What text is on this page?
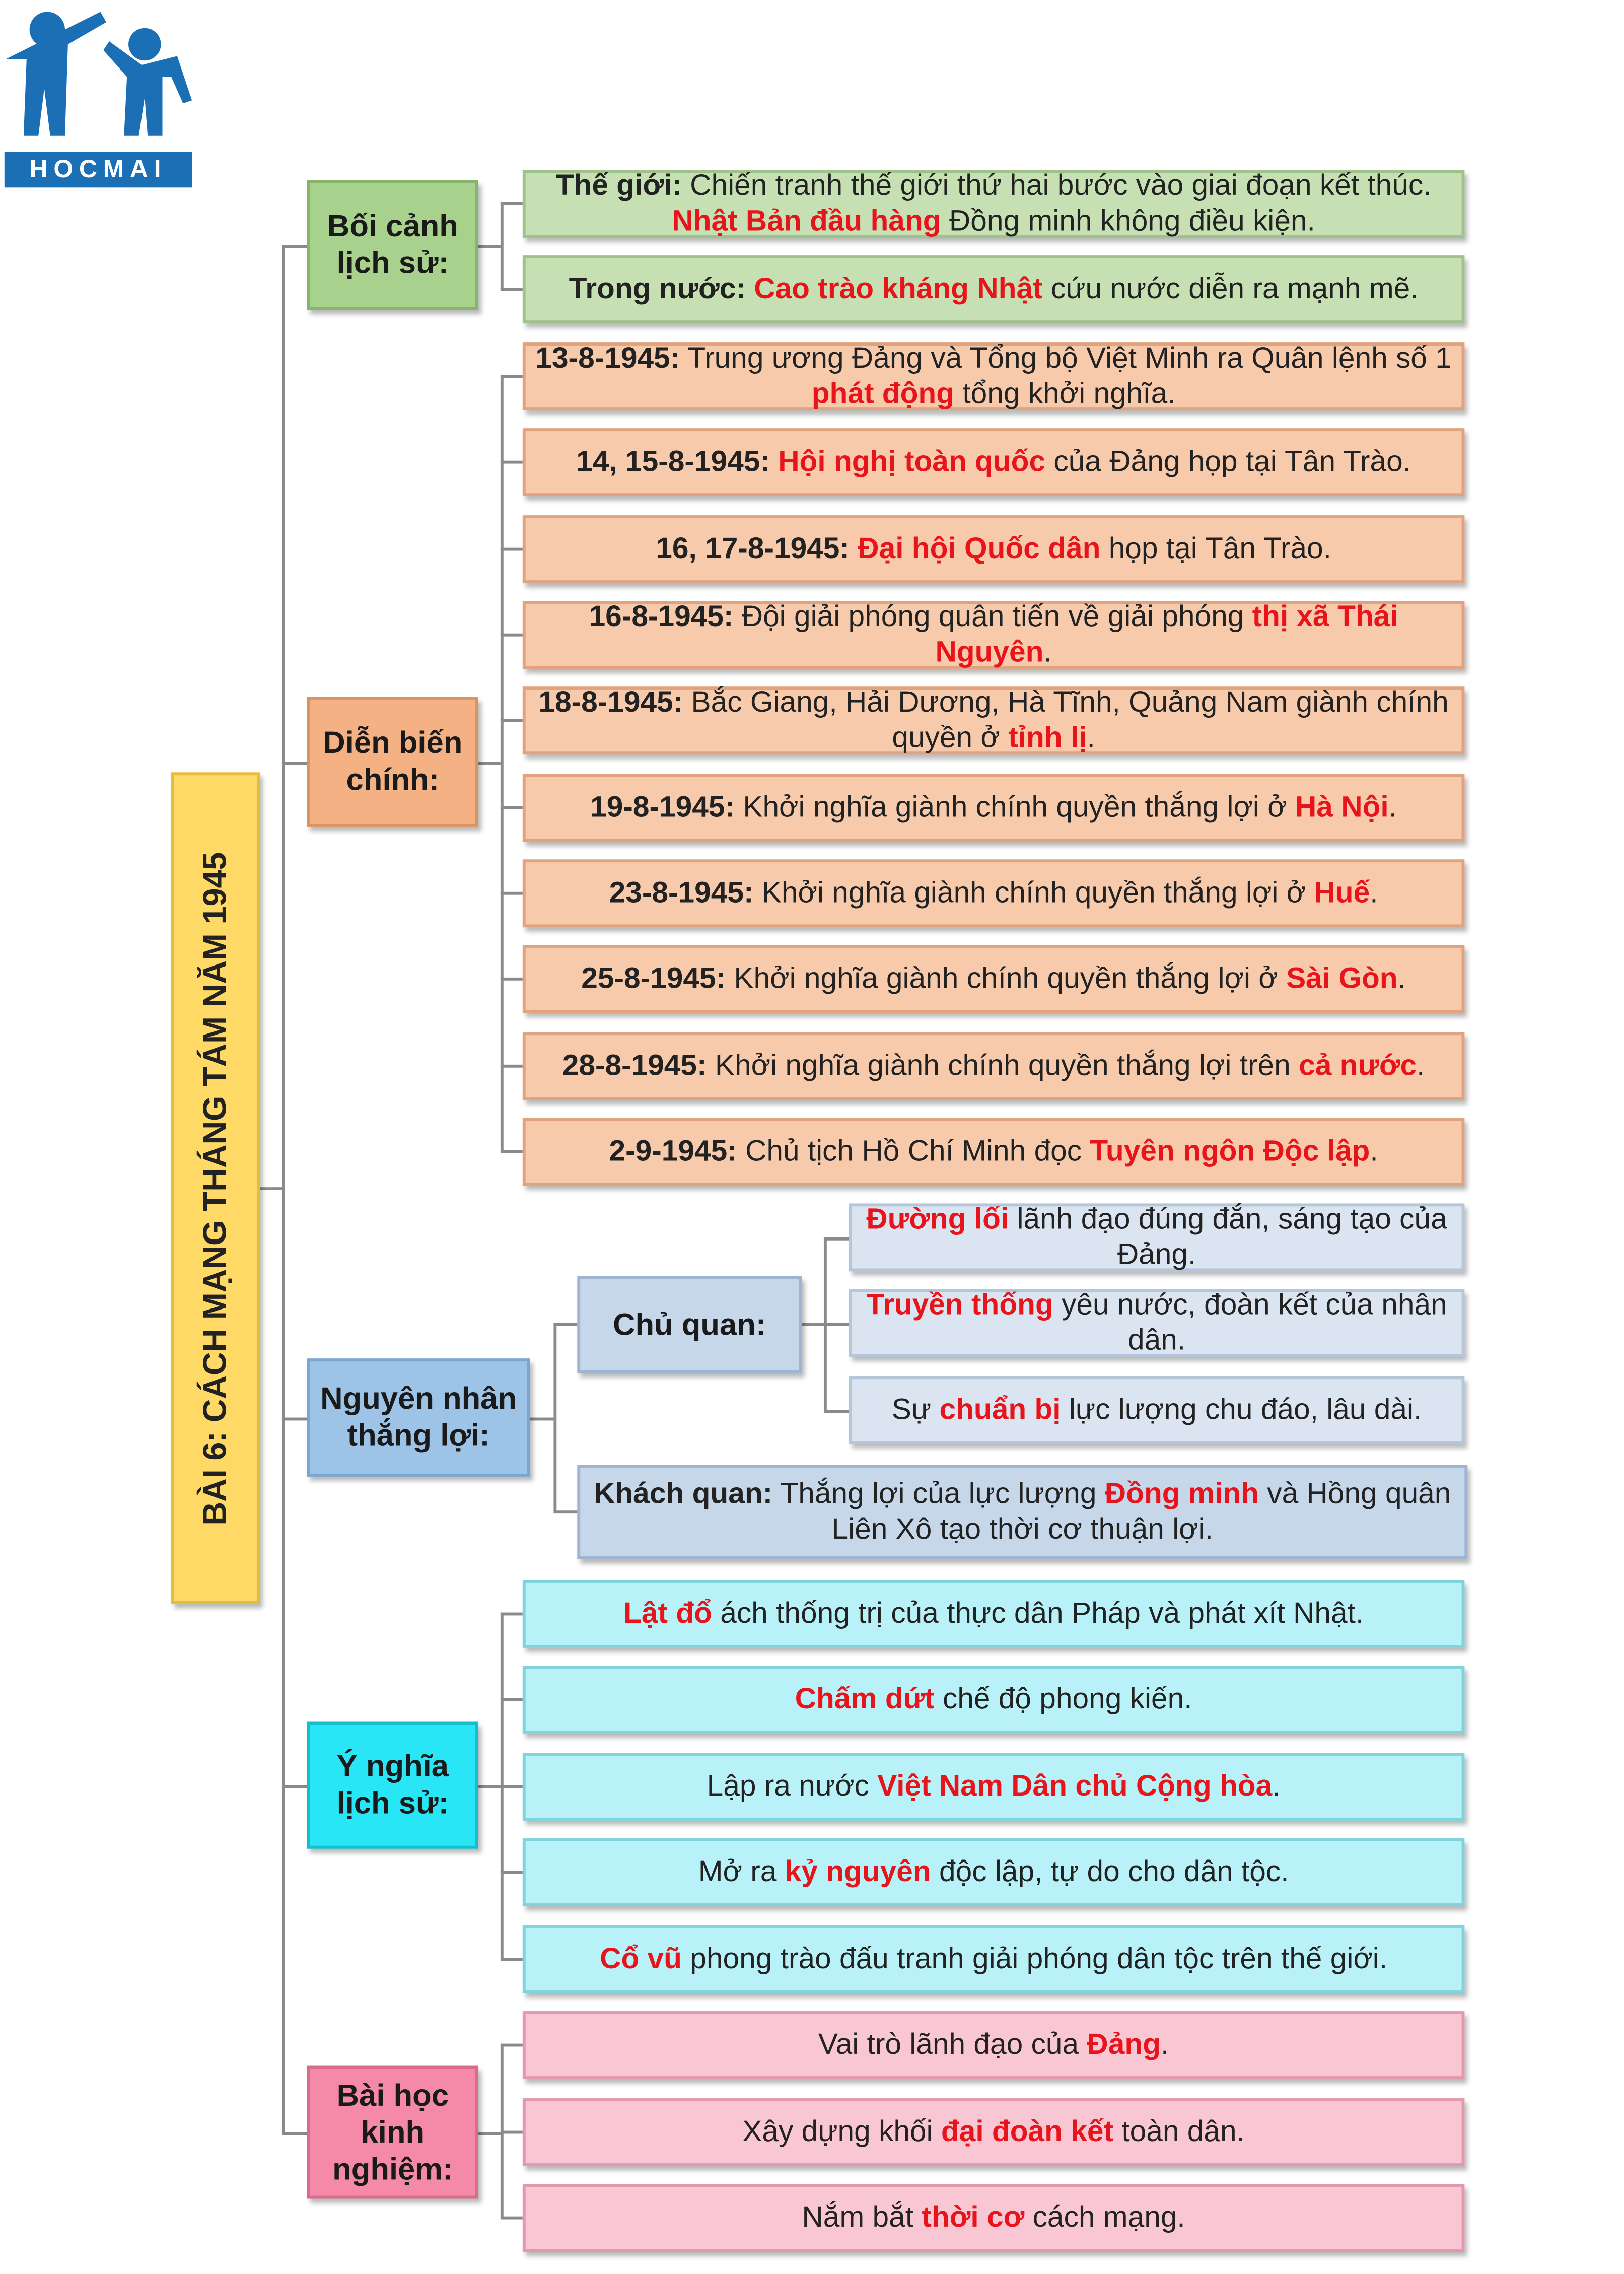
HOCMAI
BÀI 6: CÁCH MẠNG THÁNG TÁM NĂM 1945
Bối cảnh lịch sử:
Diễn biến chính:
Nguyên nhân thắng lợi:
Ý nghĩa lịch sử:
Bài học kinh nghiệm:
Thế giới: Chiến tranh thế giới thứ hai bước vào giai đoạn kết thúc. Nhật Bản đầu hàng Đồng minh không điều kiện.
Trong nước: Cao trào kháng Nhật cứu nước diễn ra mạnh mẽ.
13-8-1945: Trung ương Đảng và Tổng bộ Việt Minh ra Quân lệnh số 1 phát động tổng khởi nghĩa.
14, 15-8-1945: Hội nghị toàn quốc của Đảng họp tại Tân Trào.
16, 17-8-1945: Đại hội Quốc dân họp tại Tân Trào.
16-8-1945: Đội giải phóng quân tiến về giải phóng thị xã Thái Nguyên.
18-8-1945: Bắc Giang, Hải Dương, Hà Tĩnh, Quảng Nam giành chính quyền ở tỉnh lị.
19-8-1945: Khởi nghĩa giành chính quyền thắng lợi ở Hà Nội.
23-8-1945: Khởi nghĩa giành chính quyền thắng lợi ở Huế.
25-8-1945: Khởi nghĩa giành chính quyền thắng lợi ở Sài Gòn.
28-8-1945: Khởi nghĩa giành chính quyền thắng lợi trên cả nước.
2-9-1945: Chủ tịch Hồ Chí Minh đọc Tuyên ngôn Độc lập.
Chủ quan:
Đường lối lãnh đạo đúng đắn, sáng tạo của Đảng.
Truyền thống yêu nước, đoàn kết của nhân dân.
Sự chuẩn bị lực lượng chu đáo, lâu dài.
Khách quan: Thắng lợi của lực lượng Đồng minh và Hồng quân Liên Xô tạo thời cơ thuận lợi.
Lật đổ ách thống trị của thực dân Pháp và phát xít Nhật.
Chấm dứt chế độ phong kiến.
Lập ra nước Việt Nam Dân chủ Cộng hòa.
Mở ra kỷ nguyên độc lập, tự do cho dân tộc.
Cổ vũ phong trào đấu tranh giải phóng dân tộc trên thế giới.
Vai trò lãnh đạo của Đảng.
Xây dựng khối đại đoàn kết toàn dân.
Nắm bắt thời cơ cách mạng.
